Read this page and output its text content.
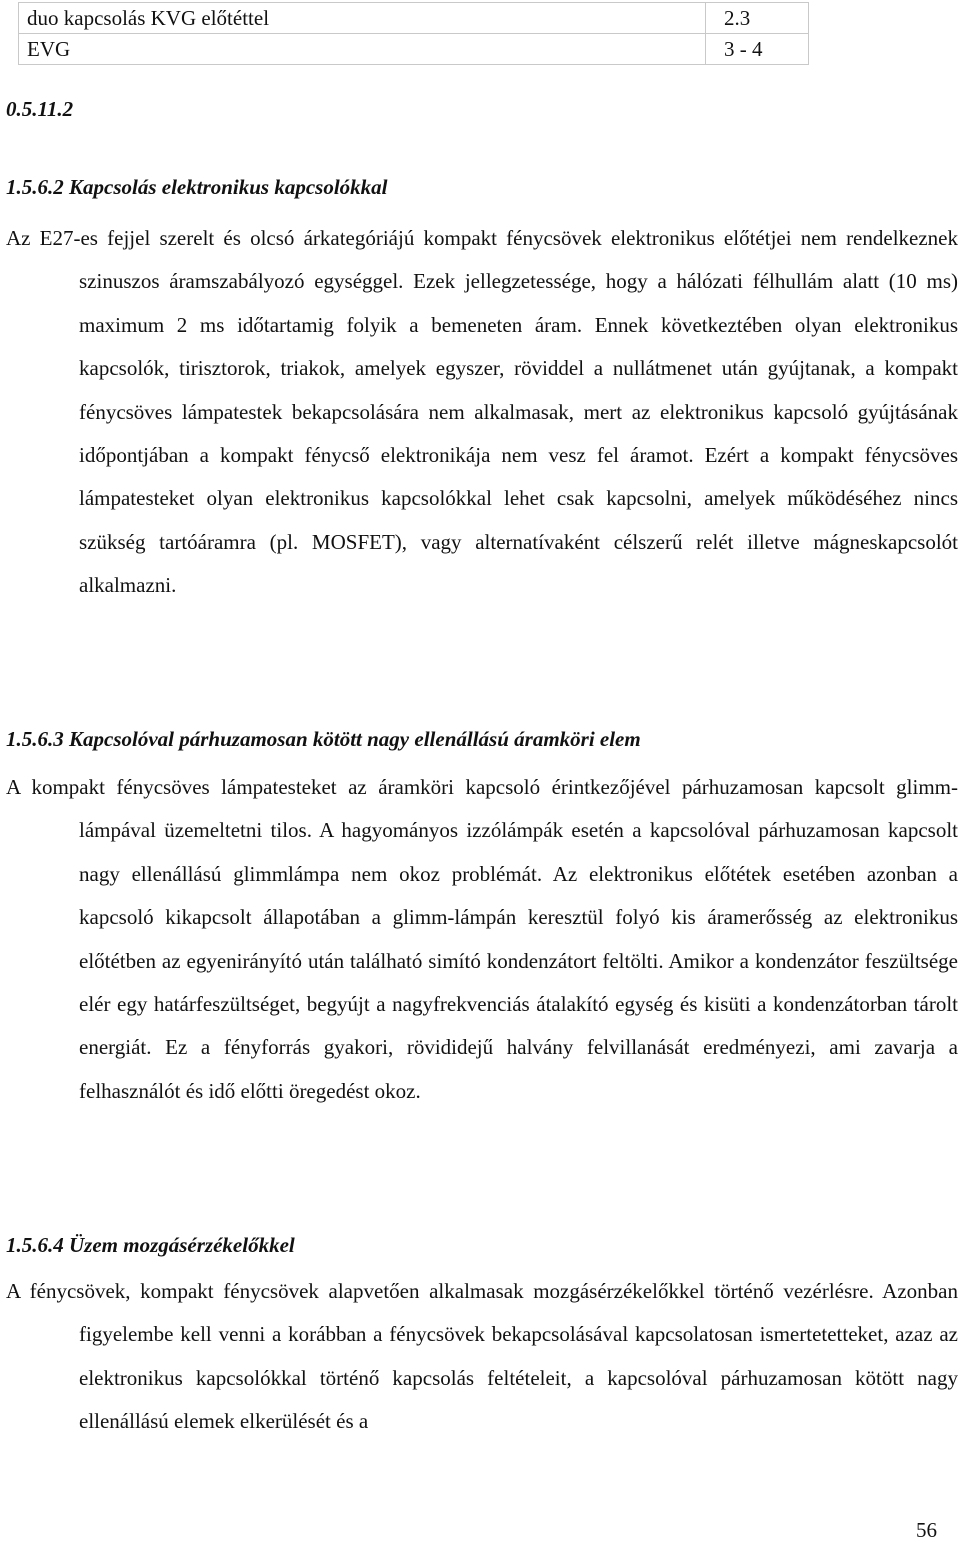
duo kapcsolás KVG előtéttel	2.3
EVG	3 - 4
0.5.11.2
1.5.6.2 Kapcsolás elektronikus kapcsolókkal

Az E27-es fejjel szerelt és olcsó árkategóriájú kompakt fénycsövek elektronikus előtétjei nem rendelkeznek szinuszos áramszabályozó egységgel. Ezek jellegzetessége, hogy a hálózati félhullám alatt (10 ms) maximum 2 ms időtartamig folyik a bemeneten áram. Ennek következtében olyan elektronikus kapcsolók, tirisztorok, triakok, amelyek egyszer, röviddel a nullátmenet után gyújtanak, a kompakt fénycsöves lámpatestek bekapcsolására nem alkalmasak, mert az elektronikus kapcsoló gyújtásának időpontjában a kompakt fénycső elektronikája nem vesz fel áramot. Ezért a kompakt fénycsöves lámpatesteket olyan elektronikus kapcsolókkal lehet csak kapcsolni, amelyek működéséhez nincs szükség tartóáramra (pl. MOSFET), vagy alternatívaként célszerű relét illetve mágneskapcsolót alkalmazni.

1.5.6.3 Kapcsolóval párhuzamosan kötött nagy ellenállású áramköri elem

A kompakt fénycsöves lámpatesteket az áramköri kapcsoló érintkezőjével párhuzamosan kapcsolt glimm-lámpával üzemeltetni tilos. A hagyományos izzólámpák esetén a kapcsolóval párhuzamosan kapcsolt nagy ellenállású glimmlámpa nem okoz problémát. Az elektronikus előtétek esetében azonban a kapcsoló kikapcsolt állapotában a glimm-lámpán keresztül folyó kis áramerősség az elektronikus előtétben az egyenirányító után található simító kondenzátort feltölti. Amikor a kondenzátor feszültsége elér egy határfeszültséget, begyújt a nagyfrekvenciás átalakító egység és kisüti a kondenzátorban tárolt energiát. Ez a fényforrás gyakori, rövididejű halvány felvillanását eredményezi, ami zavarja a felhasználót és idő előtti öregedést okoz.

1.5.6.4 Üzem mozgásérzékelőkkel

A fénycsövek, kompakt fénycsövek alapvetően alkalmasak mozgásérzékelőkkel történő vezérlésre. Azonban figyelembe kell venni a korábban a fénycsövek bekapcsolásával kapcsolatosan ismertetetteket, azaz az elektronikus kapcsolókkal történő kapcsolás feltételeit, a kapcsolóval párhuzamosan kötött nagy ellenállású elemek elkerülését és a

56
